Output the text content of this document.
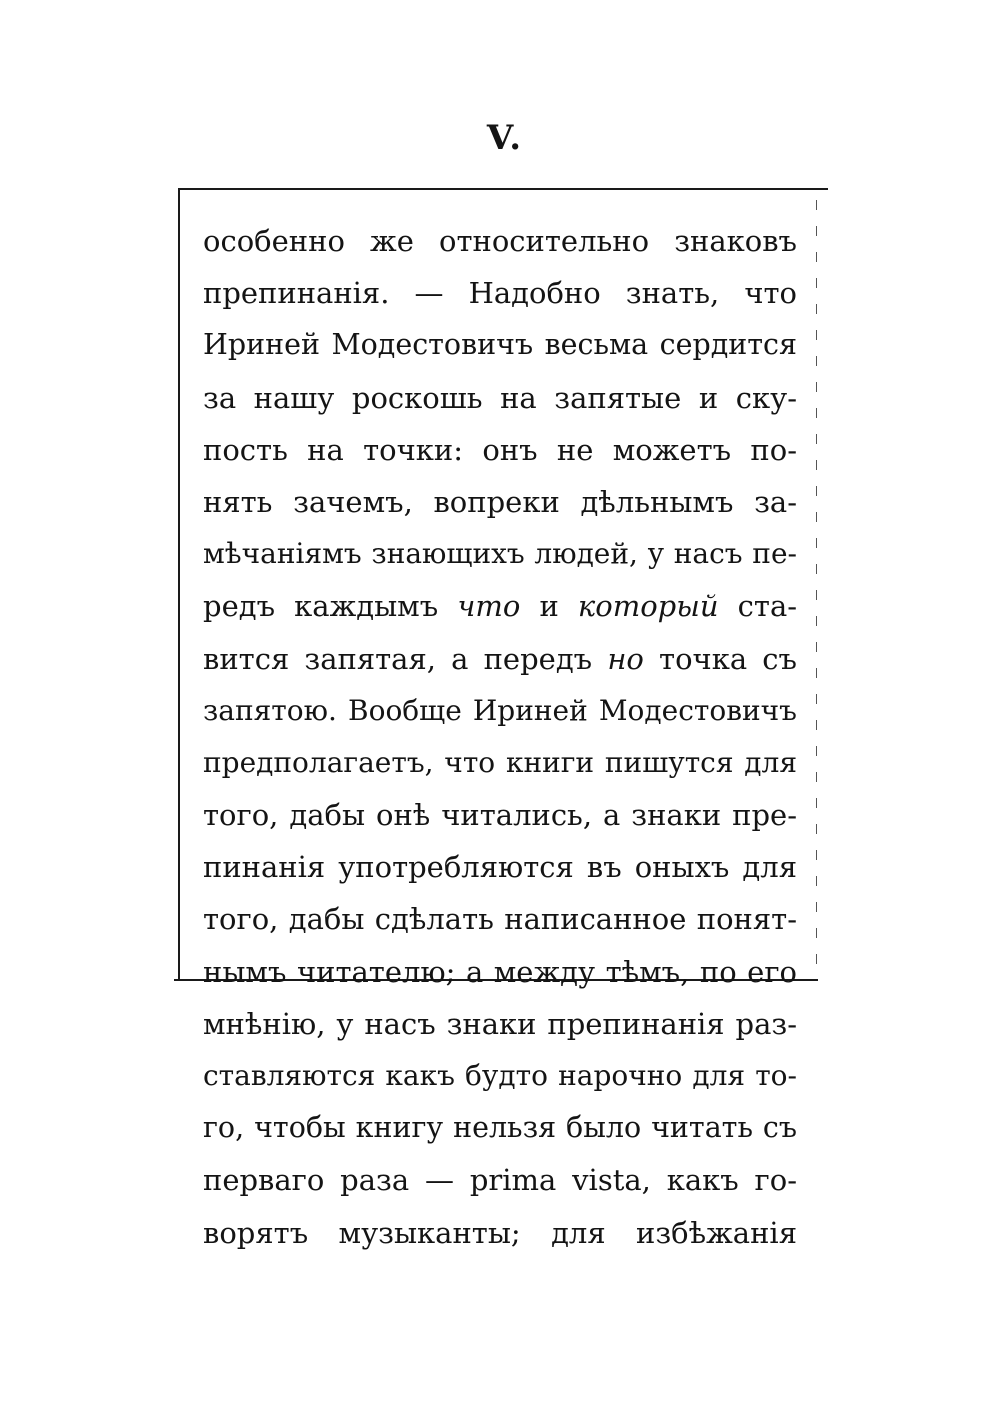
V.
особенно же относительно знаковъ
препинанія. — Надобно знать, что
Ириней Модестовичъ весьма сердится
за нашу роскошь на запятые и ску-
пость на точки: онъ не можетъ по-
нять зачемъ, вопреки дѣльнымъ за-
мѣчаніямъ знающихъ людей, у насъ пе-
редъ каждымъ что и который ста-
вится запятая, а передъ но точка съ
запятою. Вообще Ириней Модестовичъ
предполагаетъ, что книги пишутся для
того, дабы онѣ читались, а знаки пре-
пинанія употребляются въ оныхъ для
того, дабы сдѣлать написанное понят-
нымъ читателю; а между тѣмъ, по его
мнѣнію, у насъ знаки препинанія раз-
ставляются какъ будто нарочно для то-
го, чтобы книгу нельзя было читать съ
перваго раза — prima vista, какъ го-
ворятъ музыканты; для избѣжанія
